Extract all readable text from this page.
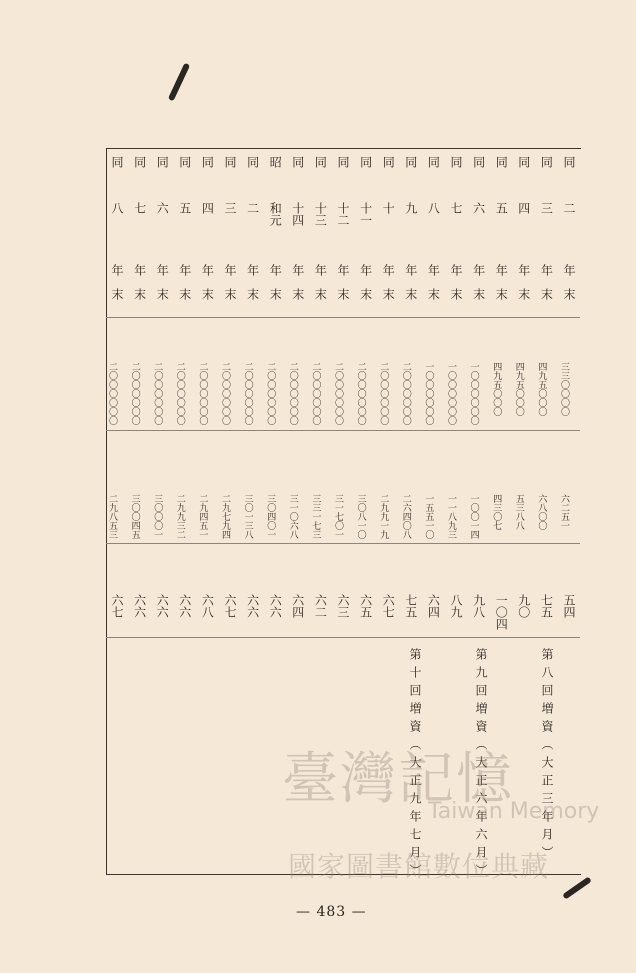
同
二
年
末
三三〇〇〇〇
六二五一
五四
同
三
年
末
四九五〇〇〇
六八〇〇
七五
同
四
年
末
四九五〇〇〇
五三八八
九〇
同
五
年
末
四九五〇〇〇
四三〇七
一〇四
同
六
年
末
一〇〇〇〇〇〇
一〇〇一四
九八
同
七
年
末
一〇〇〇〇〇〇
一一八九三
八九
同
八
年
末
一〇〇〇〇〇〇
一五五一〇
六四
同
九
年
末
二〇〇〇〇〇〇
二六四〇八
七五
同
十
年
末
二〇〇〇〇〇〇
二九九一九
六七
同
十一
年
末
二〇〇〇〇〇〇
三〇八一〇
六五
同
十二
年
末
二〇〇〇〇〇〇
三一七〇一
六三
同
十三
年
末
二〇〇〇〇〇〇
三三一七三
六二
同
十四
年
末
二〇〇〇〇〇〇
三一〇六八
六四
昭
和元
年
末
二〇〇〇〇〇〇
三〇四〇一
六六
同
二
年
末
二〇〇〇〇〇〇
三〇一三八
六六
同
三
年
末
二〇〇〇〇〇〇
二九七九四
六七
同
四
年
末
二〇〇〇〇〇〇
二九四五一
六八
同
五
年
末
二〇〇〇〇〇〇
二九九三二
六六
同
六
年
末
二〇〇〇〇〇〇
三〇〇〇一
六六
同
七
年
末
二〇〇〇〇〇〇
三〇〇四五
六六
同
八
年
末
二〇〇〇〇〇〇
二九八五三
六七
第八回増資（大正三年月）
第九回増資（大正六年六月）
第十回増資（大正九年七月）
臺灣記憶
Taiwan Memory
國家圖書館數位典藏
— 483 —
